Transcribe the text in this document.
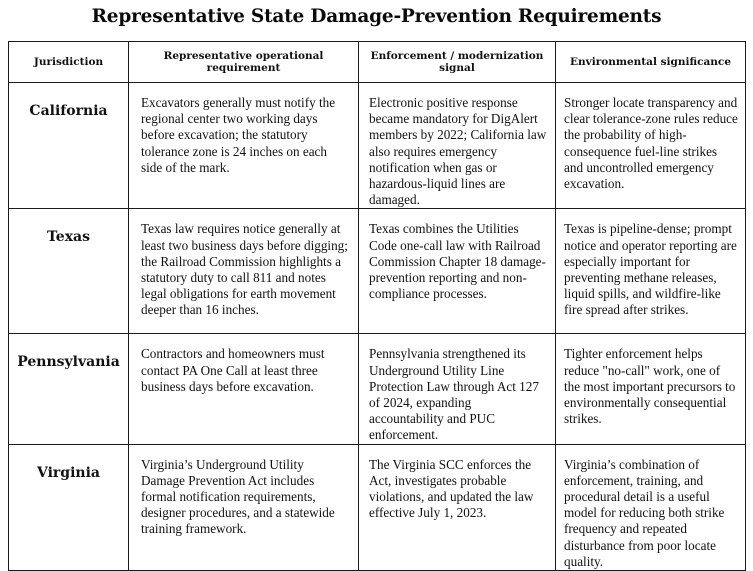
Representative State Damage-Prevention Requirements
Jurisdiction	Representative operational requirement	Enforcement / modernization signal	Environmental significance
California	Excavators generally must notify the regional center two working days before excavation; the statutory tolerance zone is 24 inches on each side of the mark.	Electronic positive response became mandatory for DigAlert members by 2022; California law also requires emergency notification when gas or hazardous-liquid lines are damaged.	Stronger locate transparency and clear tolerance-zone rules reduce the probability of high-consequence fuel-line strikes and uncontrolled emergency excavation.
Texas	Texas law requires notice generally at least two business days before digging; the Railroad Commission highlights a statutory duty to call 811 and notes legal obligations for earth movement deeper than 16 inches.	Texas combines the Utilities Code one-call law with Railroad Commission Chapter 18 damage-prevention reporting and non-compliance processes.	Texas is pipeline-dense; prompt notice and operator reporting are especially important for preventing methane releases, liquid spills, and wildfire-like fire spread after strikes.
Pennsylvania	Contractors and homeowners must contact PA One Call at least three business days before excavation.	Pennsylvania strengthened its Underground Utility Line Protection Law through Act 127 of 2024, expanding accountability and PUC enforcement.	Tighter enforcement helps reduce "no-call" work, one of the most important precursors to environmentally consequential strikes.
Virginia	Virginia’s Underground Utility Damage Prevention Act includes formal notification requirements, designer procedures, and a statewide training framework.	The Virginia SCC enforces the Act, investigates probable violations, and updated the law effective July 1, 2023.	Virginia’s combination of enforcement, training, and procedural detail is a useful model for reducing both strike frequency and repeated disturbance from poor locate quality.
